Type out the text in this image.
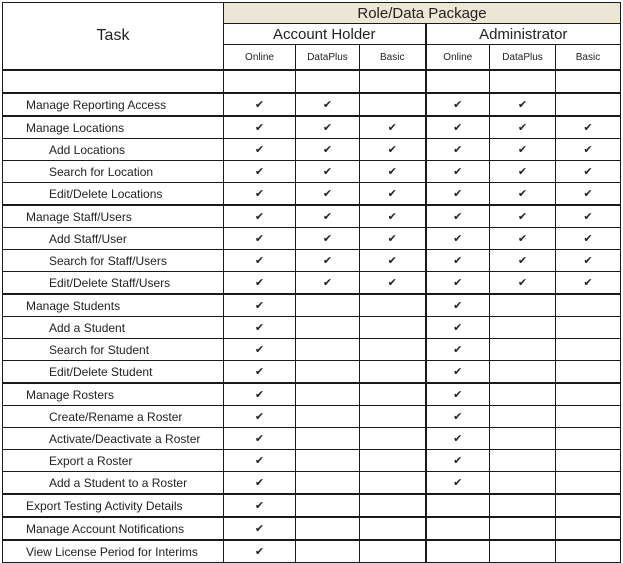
Task	Role/Data Package					
	Account Holder			Administrator		
	Online	DataPlus	Basic	Online	DataPlus	Basic

Manage Reporting Access	✔	✔		✔	✔	
Manage Locations	✔	✔	✔	✔	✔	✔
Add Locations	✔	✔	✔	✔	✔	✔
Search for Location	✔	✔	✔	✔	✔	✔
Edit/Delete Locations	✔	✔	✔	✔	✔	✔
Manage Staff/Users	✔	✔	✔	✔	✔	✔
Add Staff/User	✔	✔	✔	✔	✔	✔
Search for Staff/Users	✔	✔	✔	✔	✔	✔
Edit/Delete Staff/Users	✔	✔	✔	✔	✔	✔
Manage Students	✔			✔		
Add a Student	✔			✔		
Search for Student	✔			✔		
Edit/Delete Student	✔			✔		
Manage Rosters	✔			✔		
Create/Rename a Roster	✔			✔		
Activate/Deactivate a Roster	✔			✔		
Export a Roster	✔			✔		
Add a Student to a Roster	✔			✔		
Export Testing Activity Details	✔					
Manage Account Notifications	✔					
View License Period for Interims	✔					
